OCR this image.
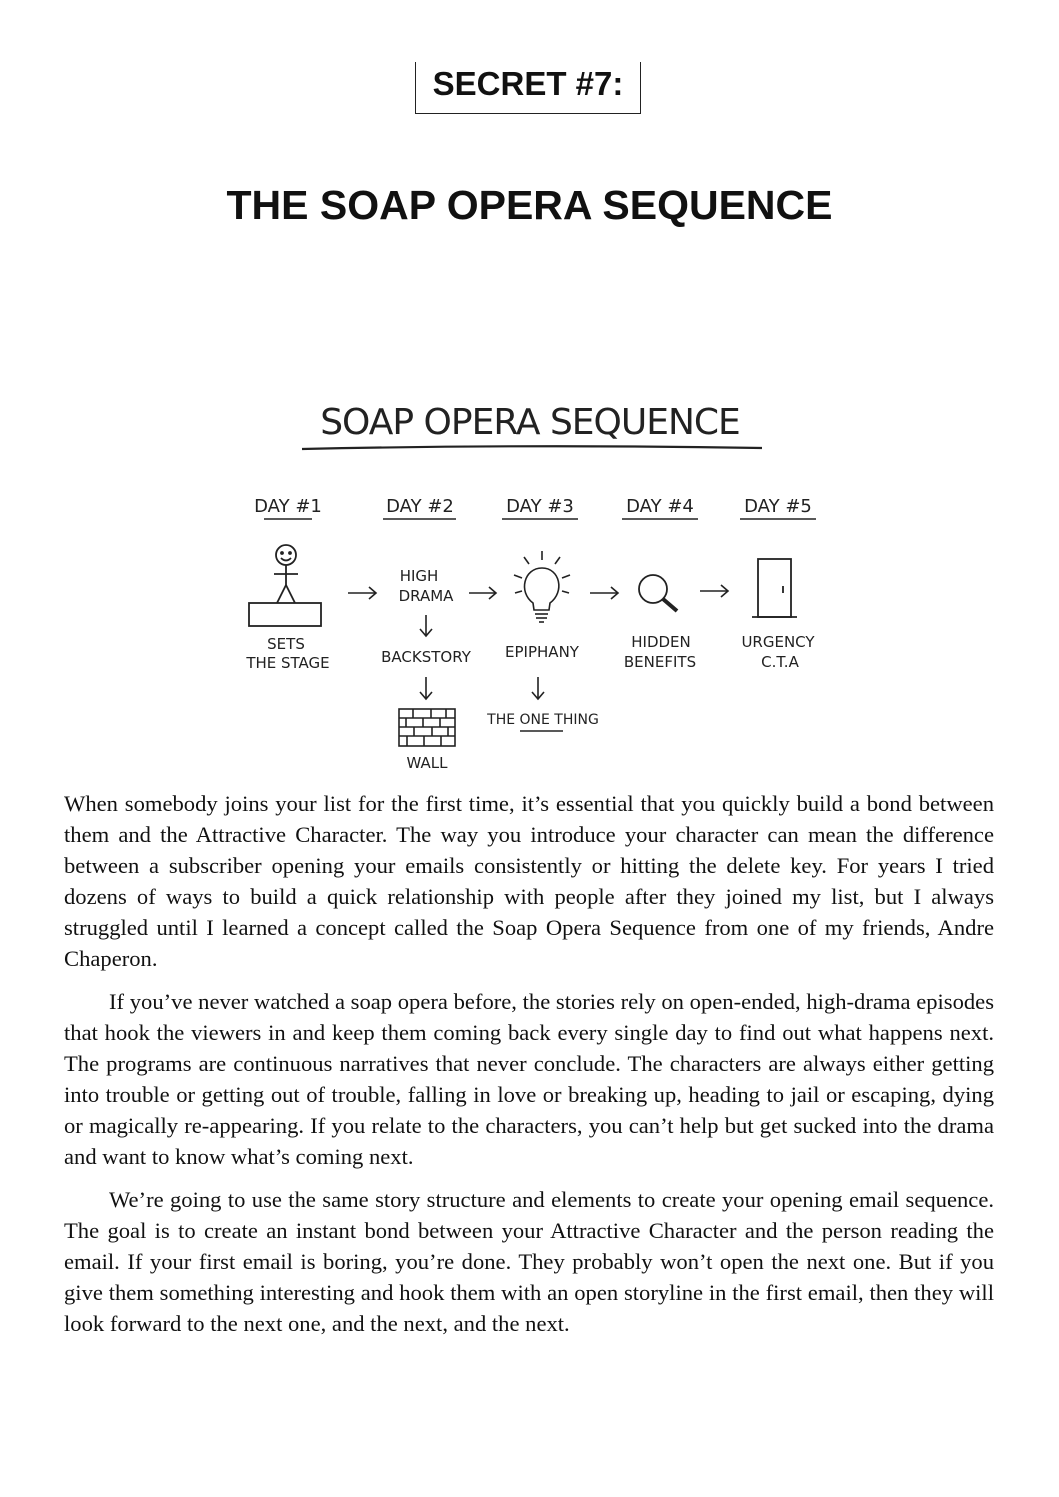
SECRET #7:
THE SOAP OPERA SEQUENCE
SOAP OPERA SEQUENCE
DAY #1	DAY #2	DAY #3	DAY #4	DAY #5
SETS
THE STAGE
HIGH
DRAMA
BACKSTORY
WALL
EPIPHANY
THE ONE THING
HIDDEN
BENEFITS
URGENCY
C.T.A

When somebody joins your list for the first time, it’s essential that you quickly build a bond between them and the Attractive Character. The way you introduce your character can mean the difference between a subscriber opening your emails consistently or hitting the delete key. For years I tried dozens of ways to build a quick relationship with people after they joined my list, but I always struggled until I learned a concept called the Soap Opera Sequence from one of my friends, Andre Chaperon.

If you’ve never watched a soap opera before, the stories rely on open-ended, high-drama episodes that hook the viewers in and keep them coming back every single day to find out what happens next. The programs are continuous narratives that never conclude. The characters are always either getting into trouble or getting out of trouble, falling in love or breaking up, heading to jail or escaping, dying or magically re-appearing. If you relate to the characters, you can’t help but get sucked into the drama and want to know what’s coming next.

We’re going to use the same story structure and elements to create your opening email sequence. The goal is to create an instant bond between your Attractive Character and the person reading the email. If your first email is boring, you’re done. They probably won’t open the next one. But if you give them something interesting and hook them with an open storyline in the first email, then they will look forward to the next one, and the next, and the next.
